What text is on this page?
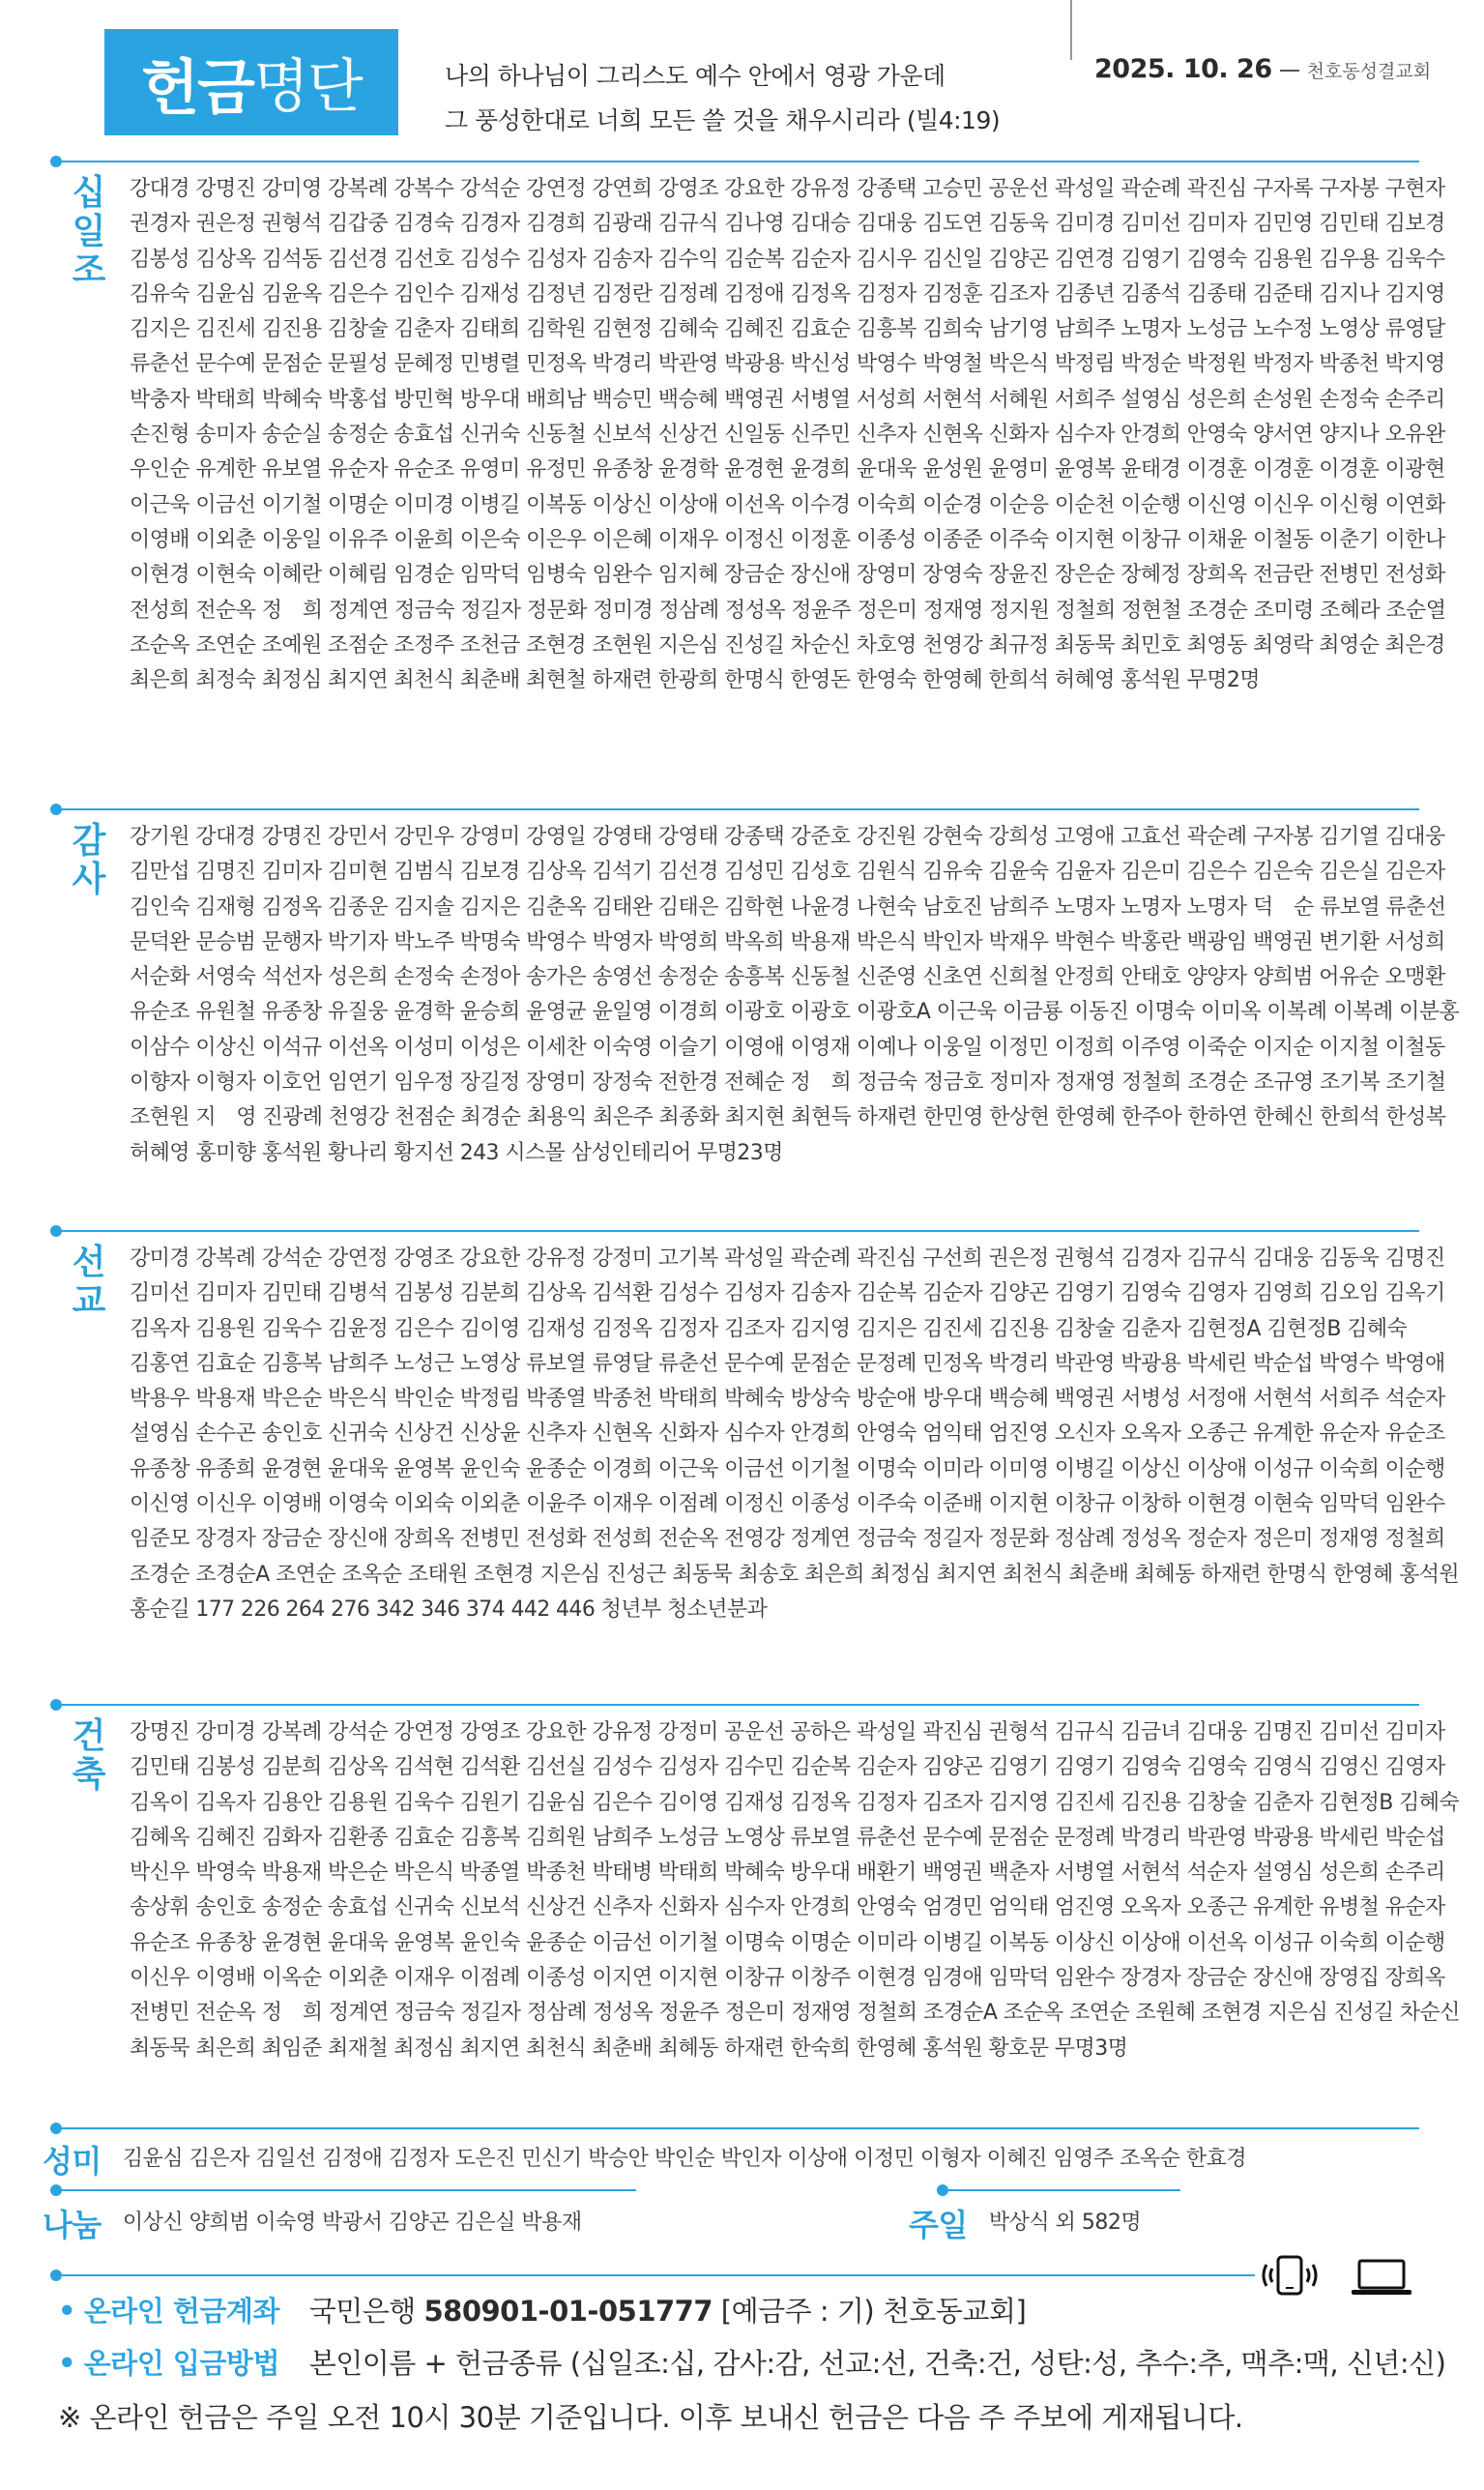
헌금 명단	나의 하나님이 그리스도 예수 안에서 영광 가운데
그 풍성한대로 너희 모든 쓸 것을 채우시리라 (빌4:19)
2025. 10. 26 천호동성결교회
십
일
조
강대경 강명진 강미영 강복례 강복수 강석순 강연정 강연희 강영조 강요한 강유정 강종택 고승민 공운선 곽성일 곽순례 곽진심 구자록 구자봉 구현자 권경자 권은정 권형석 김갑중 김경숙 김경자 김경희 김광래 김규식 김나영 김대승 김대웅 김도연 김동욱 김미경 김미선 김미자 김민영 김민태 김보경 김봉성 김상옥 김석동 김선경 김선호 김성수 김성자 김송자 김수익 김순복 김순자 김시우 김신일 김양곤 김연경 김영기 김영숙 김용원 김우용 김욱수 김유숙 김윤심 김윤옥 김은수 김인수 김재성 김정년 김정란 김정례 김정애 김정옥 김정자 김정훈 김조자 김종년 김종석 김종태 김준태 김지나 김지영 김지은 김진세 김진용 김창술 김춘자 김태희 김학원 김현정 김혜숙 김혜진 김효순 김흥복 김희숙 남기영 남희주 노명자 노성금 노수정 노영상 류영달 류춘선 문수예 문점순 문필성 문혜정 민병렬 민정옥 박경리 박관영 박광용 박신성 박영수 박영철 박은식 박정림 박정순 박정원 박정자 박종천 박지영 박충자 박태희 박혜숙 박홍섭 방민혁 방우대 배희남 백승민 백승혜 백영권 서병열 서성희 서현석 서혜원 서희주 설영심 성은희 손성원 손정숙 손주리 손진형 송미자 송순실 송정순 송효섭 신귀숙 신동철 신보석 신상건 신일동 신주민 신추자 신현옥 신화자 심수자 안경희 안영숙 양서연 양지나 오유완 우인순 유계한 유보열 유순자 유순조 유영미 유정민 유종창 윤경학 윤경현 윤경희 윤대욱 윤성원 윤영미 윤영복 윤태경 이경훈 이경훈 이경훈 이광현 이근욱 이금선 이기철 이명순 이미경 이병길 이복동 이상신 이상애 이선옥 이수경 이숙희 이순경 이순응 이순천 이순행 이신영 이신우 이신형 이연화 이영배 이외춘 이웅일 이유주 이윤희 이은숙 이은우 이은혜 이재우 이정신 이정훈 이종성 이종준 이주숙 이지현 이창규 이채윤 이철동 이춘기 이한나 이현경 이현숙 이혜란 이혜림 임경순 임막덕 임병숙 임완수 임지혜 장금순 장신애 장영미 장영숙 장윤진 장은순 장혜정 장희옥 전금란 전병민 전성화 전성희 전순옥 정　희 정계연 정금숙 정길자 정문화 정미경 정삼례 정성옥 정윤주 정은미 정재영 정지원 정철희 정현철 조경순 조미령 조혜라 조순열 조순옥 조연순 조예원 조점순 조정주 조천금 조현경 조현원 지은심 진성길 차순신 차호영 천영강 최규정 최동묵 최민호 최영동 최영락 최영순 최은경 최은희 최정숙 최정심 최지연 최천식 최춘배 최현철 하재련 한광희 한명식 한영돈 한영숙 한영혜 한희석 허혜영 홍석원 무명2명
감
사
강기원 강대경 강명진 강민서 강민우 강영미 강영일 강영태 강영태 강종택 강준호 강진원 강현숙 강희성 고영애 고효선 곽순례 구자봉 김기열 김대웅 김만섭 김명진 김미자 김미현 김범식 김보경 김상옥 김석기 김선경 김성민 김성호 김원식 김유숙 김윤숙 김윤자 김은미 김은수 김은숙 김은실 김은자 김인숙 김재형 김정옥 김종운 김지솔 김지은 김춘옥 김태완 김태은 김학현 나윤경 나현숙 남호진 남희주 노명자 노명자 노명자 덕　순 류보열 류춘선 문덕완 문승범 문행자 박기자 박노주 박명숙 박영수 박영자 박영희 박옥희 박용재 박은식 박인자 박재우 박현수 박홍란 백광임 백영권 변기환 서성희 서순화 서영숙 석선자 성은희 손정숙 손정아 송가은 송영선 송정순 송흥복 신동철 신준영 신초연 신희철 안정희 안태호 양양자 양희범 어유순 오맹환 유순조 유원철 유종창 유질웅 윤경학 윤승희 윤영균 윤일영 이경희 이광호 이광호 이광호A 이근욱 이금룡 이동진 이명숙 이미옥 이복례 이복례 이분홍 이삼수 이상신 이석규 이선옥 이성미 이성은 이세찬 이숙영 이슬기 이영애 이영재 이예나 이웅일 이정민 이정희 이주영 이죽순 이지순 이지철 이철동 이향자 이형자 이호언 임연기 임우정 장길정 장영미 장정숙 전한경 전혜순 정　희 정금숙 정금호 정미자 정재영 정철희 조경순 조규영 조기복 조기철 조현원 지　영 진광례 천영강 천점순 최경순 최용익 최은주 최종화 최지현 최현득 하재련 한민영 한상현 한영혜 한주아 한하연 한혜신 한희석 한성복 허혜영 홍미향 홍석원 황나리 황지선 243 시스몰 삼성인테리어 무명23명
선
교
강미경 강복례 강석순 강연정 강영조 강요한 강유정 강정미 고기복 곽성일 곽순례 곽진심 구선희 권은정 권형석 김경자 김규식 김대웅 김동욱 김명진 김미선 김미자 김민태 김병석 김봉성 김분희 김상옥 김석환 김성수 김성자 김송자 김순복 김순자 김양곤 김영기 김영숙 김영자 김영희 김오임 김옥기 김옥자 김용원 김욱수 김윤정 김은수 김이영 김재성 김정옥 김정자 김조자 김지영 김지은 김진세 김진용 김창술 김춘자 김현정A 김현정B 김혜숙 김홍연 김효순 김흥복 남희주 노성근 노영상 류보열 류영달 류춘선 문수예 문점순 문정례 민정옥 박경리 박관영 박광용 박세린 박순섭 박영수 박영애 박용우 박용재 박은순 박은식 박인순 박정림 박종열 박종천 박태희 박혜숙 방상숙 방순애 방우대 백승혜 백영권 서병성 서정애 서현석 서희주 석순자 설영심 손수곤 송인호 신귀숙 신상건 신상윤 신추자 신현옥 신화자 심수자 안경희 안영숙 엄익태 엄진영 오신자 오옥자 오종근 유계한 유순자 유순조 유종창 유종희 윤경현 윤대욱 윤영복 윤인숙 윤종순 이경희 이근욱 이금선 이기철 이명숙 이미라 이미영 이병길 이상신 이상애 이성규 이숙희 이순행 이신영 이신우 이영배 이영숙 이외숙 이외춘 이윤주 이재우 이점례 이정신 이종성 이주숙 이준배 이지현 이창규 이창하 이현경 이현숙 임막덕 임완수 임준모 장경자 장금순 장신애 장희옥 전병민 전성화 전성희 전순옥 전영강 정계연 정금숙 정길자 정문화 정삼례 정성옥 정순자 정은미 정재영 정철희 조경순 조경순A 조연순 조옥순 조태원 조현경 지은심 진성근 최동묵 최송호 최은희 최정심 최지연 최천식 최춘배 최혜동 하재련 한명식 한영혜 홍석원 홍순길 177 226 264 276 342 346 374 442 446 청년부 청소년분과
건
축
강명진 강미경 강복례 강석순 강연정 강영조 강요한 강유정 강정미 공운선 공하은 곽성일 곽진심 권형석 김규식 김금녀 김대웅 김명진 김미선 김미자 김민태 김봉성 김분희 김상옥 김석현 김석환 김선실 김성수 김성자 김수민 김순복 김순자 김양곤 김영기 김영기 김영숙 김영숙 김영식 김영신 김영자 김옥이 김옥자 김용안 김용원 김욱수 김원기 김윤심 김은수 김이영 김재성 김정옥 김정자 김조자 김지영 김진세 김진용 김창술 김춘자 김현정B 김혜숙 김혜옥 김혜진 김화자 김환종 김효순 김흥복 김희원 남희주 노성금 노영상 류보열 류춘선 문수예 문점순 문정례 박경리 박관영 박광용 박세린 박순섭 박신우 박영숙 박용재 박은순 박은식 박종열 박종천 박태병 박태희 박혜숙 방우대 배환기 백영권 백춘자 서병열 서현석 석순자 설영심 성은희 손주리 송상휘 송인호 송정순 송효섭 신귀숙 신보석 신상건 신추자 신화자 심수자 안경희 안영숙 엄경민 엄익태 엄진영 오옥자 오종근 유계한 유병철 유순자 유순조 유종창 윤경현 윤대욱 윤영복 윤인숙 윤종순 이금선 이기철 이명숙 이명순 이미라 이병길 이복동 이상신 이상애 이선옥 이성규 이숙희 이순행 이신우 이영배 이옥순 이외춘 이재우 이점례 이종성 이지연 이지현 이창규 이창주 이현경 임경애 임막덕 임완수 장경자 장금순 장신애 장영집 장희옥 전병민 전순옥 정　희 정계연 정금숙 정길자 정삼례 정성옥 정윤주 정은미 정재영 정철희 조경순A 조순옥 조연순 조원혜 조현경 지은심 진성길 차순신 최동묵 최은희 최임준 최재철 최정심 최지연 최천식 최춘배 최혜동 하재련 한숙희 한영혜 홍석원 황호문 무명3명
성미 김윤심 김은자 김일선 김정애 김정자 도은진 민신기 박승안 박인순 박인자 이상애 이정민 이형자 이혜진 임영주 조옥순 한효경
나눔 이상신 양희범 이숙영 박광서 김양곤 김은실 박용재	주일 박상식 외 582명
• 온라인 헌금계좌 국민은행 580901-01-051777 [예금주 : 기) 천호동교회]
• 온라인 입금방법 본인이름 + 헌금종류 (십일조:십, 감사:감, 선교:선, 건축:건, 성탄:성, 추수:추, 맥추:맥, 신년:신)
※ 온라인 헌금은 주일 오전 10시 30분 기준입니다. 이후 보내신 헌금은 다음 주 주보에 게재됩니다.
